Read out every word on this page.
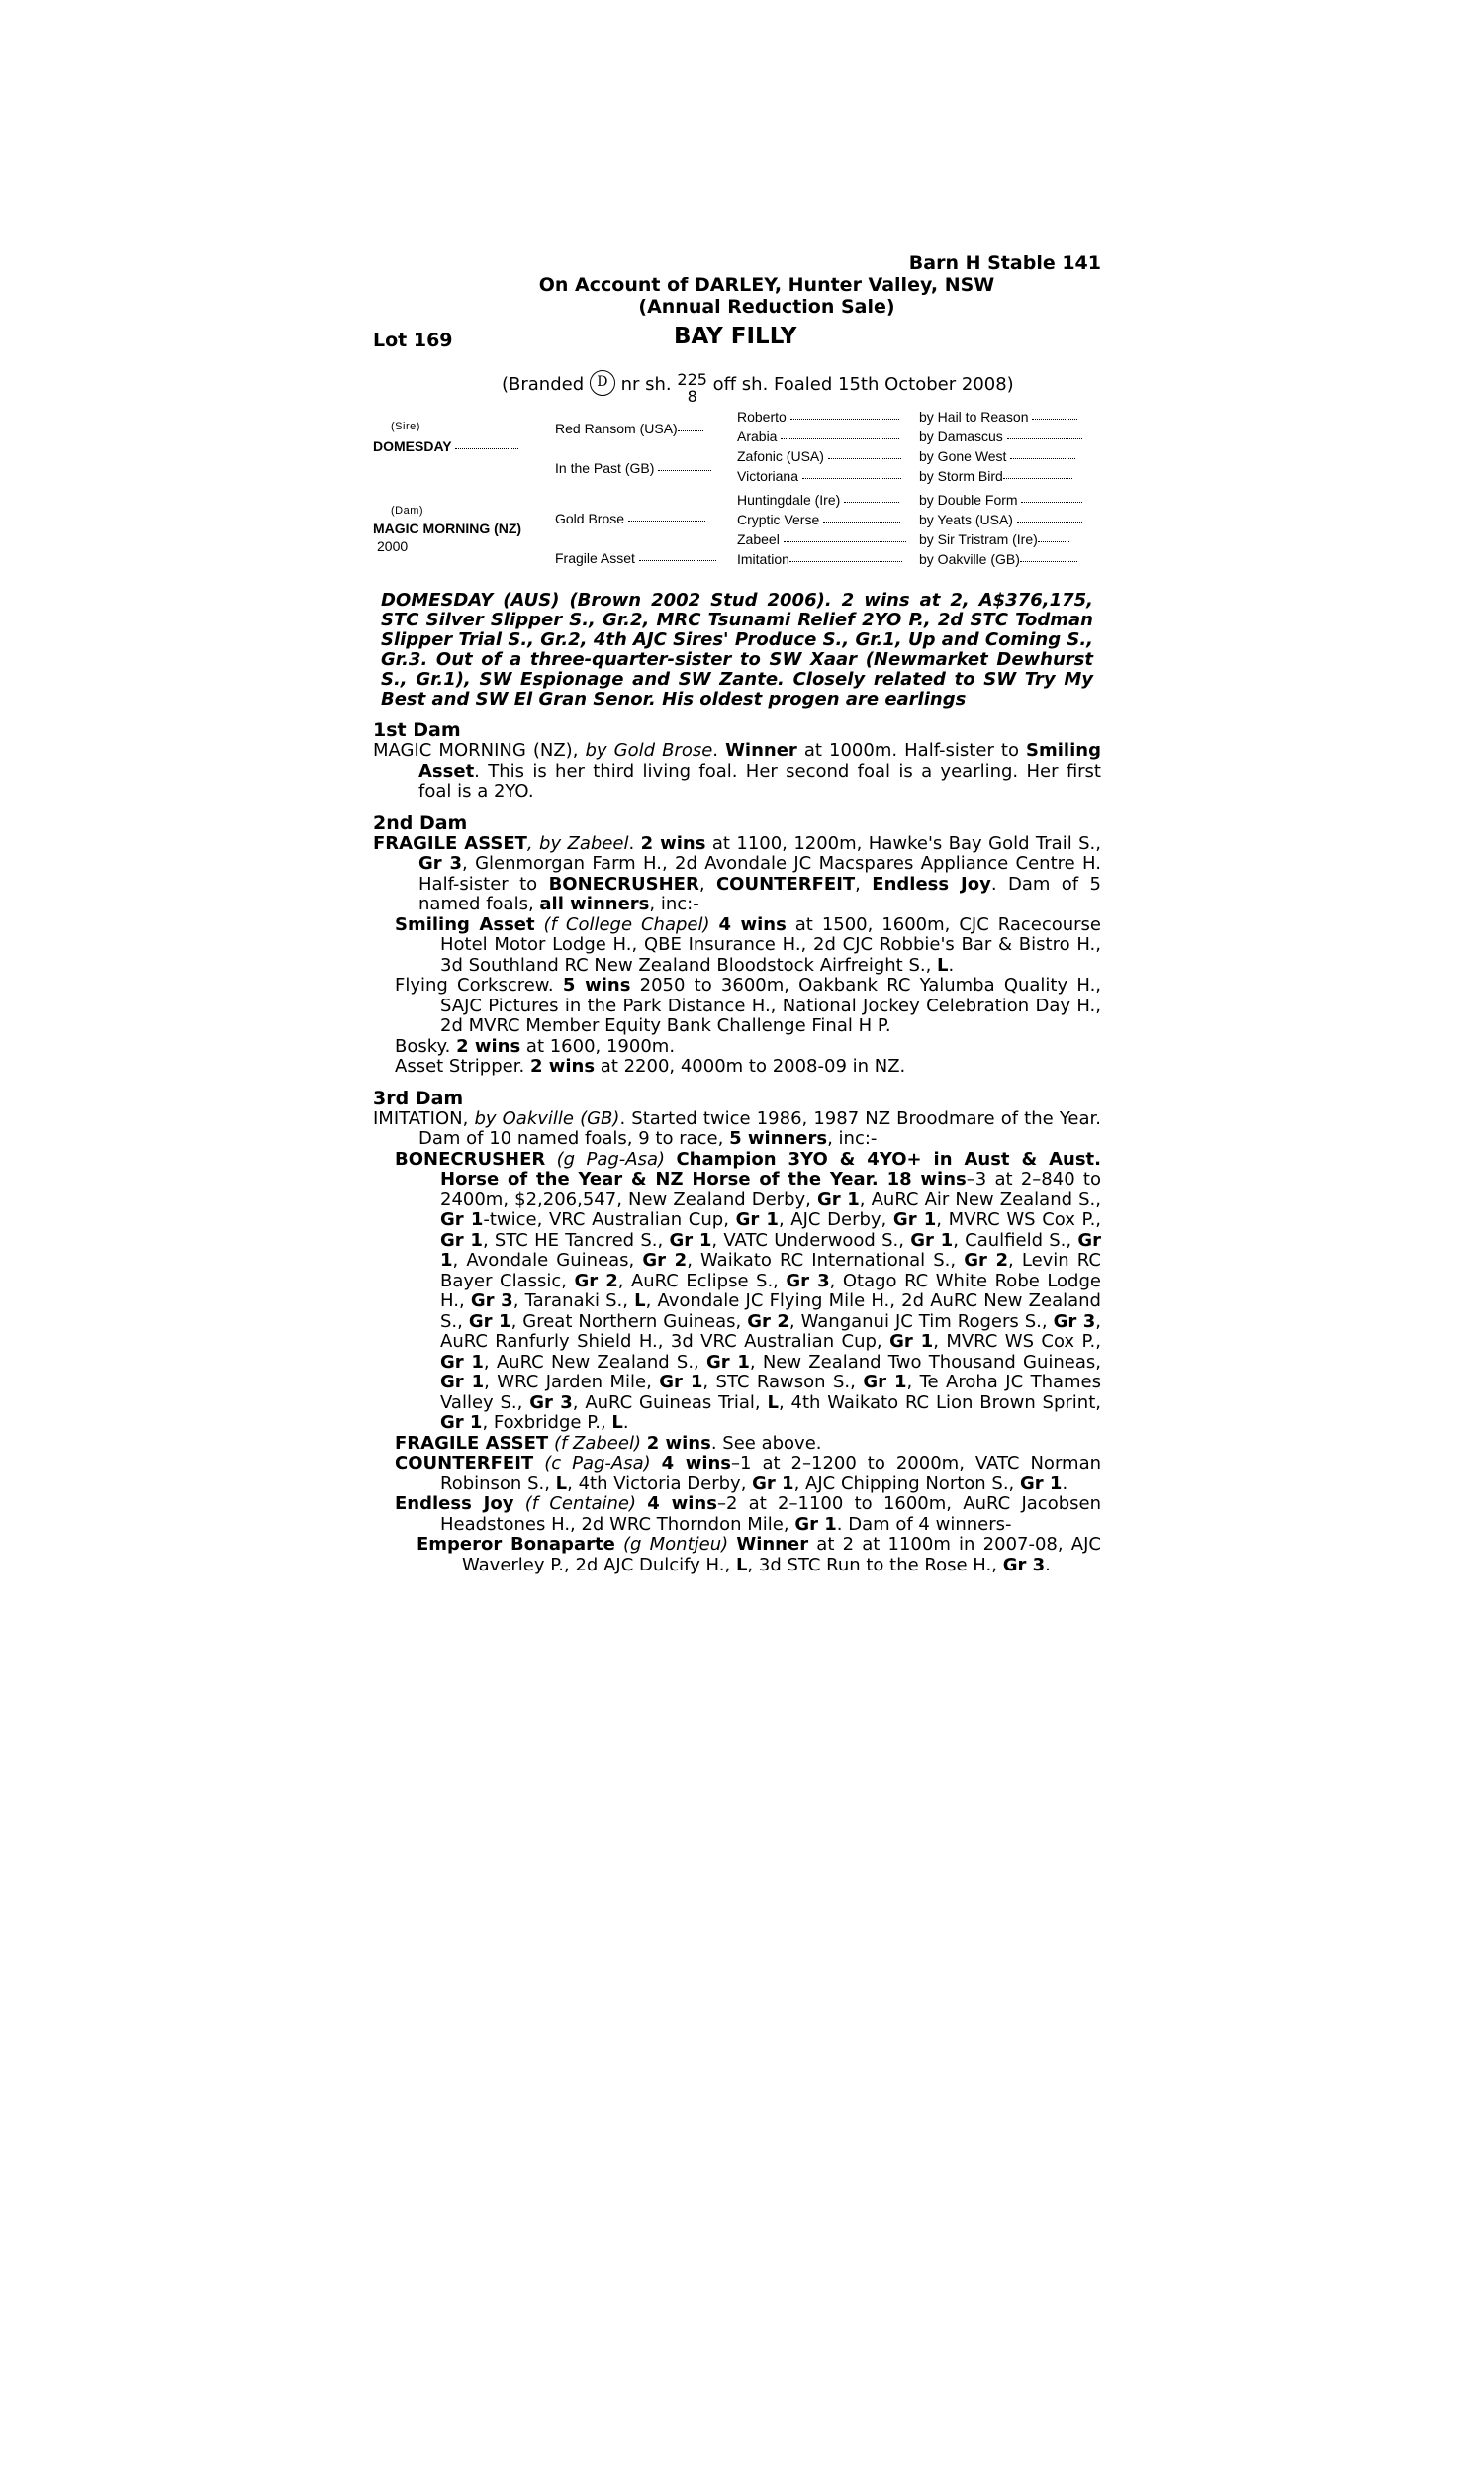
Barn H Stable 141
On Account of DARLEY, Hunter Valley, NSW
(Annual Reduction Sale)
Lot 169	BAY FILLY
(Branded D nr sh. 225
8 off sh. Foaled 15th October 2008)
(Sire)
DOMESDAY
(Dam)
MAGIC MORNING (NZ)
2000
Red Ransom (USA)
In the Past (GB)
Gold Brose
Fragile Asset
Roberto
Arabia
Zafonic (USA)
Victoriana
Huntingdale (Ire)
Cryptic Verse
Zabeel
Imitation
by Hail to Reason
by Damascus
by Gone West
by Storm Bird
by Double Form
by Yeats (USA)
by Sir Tristram (Ire)
by Oakville (GB)
DOMESDAY (AUS) (Brown 2002 Stud 2006). 2 wins at 2, A$376,175, STC Silver Slipper S., Gr.2, MRC Tsunami Relief 2YO P., 2d STC Todman Slipper Trial S., Gr.2, 4th AJC Sires' Produce S., Gr.1, Up and Coming S., Gr.3. Out of a three-quarter-sister to SW Xaar (Newmarket Dewhurst S., Gr.1), SW Espionage and SW Zante. Closely related to SW Try My Best and SW El Gran Senor. His oldest progen are earlings
1st Dam
MAGIC MORNING (NZ), by Gold Brose. Winner at 1000m. Half-sister to Smiling Asset. This is her third living foal. Her second foal is a yearling. Her first foal is a 2YO.
2nd Dam
FRAGILE ASSET, by Zabeel. 2 wins at 1100, 1200m, Hawke's Bay Gold Trail S., Gr 3, Glenmorgan Farm H., 2d Avondale JC Macspares Appliance Centre H. Half-sister to BONECRUSHER, COUNTERFEIT, Endless Joy. Dam of 5 named foals, all winners, inc:-
Smiling Asset (f College Chapel) 4 wins at 1500, 1600m, CJC Racecourse Hotel Motor Lodge H., QBE Insurance H., 2d CJC Robbie's Bar & Bistro H., 3d Southland RC New Zealand Bloodstock Airfreight S., L.
Flying Corkscrew. 5 wins 2050 to 3600m, Oakbank RC Yalumba Quality H., SAJC Pictures in the Park Distance H., National Jockey Celebration Day H., 2d MVRC Member Equity Bank Challenge Final H P.
Bosky. 2 wins at 1600, 1900m.
Asset Stripper. 2 wins at 2200, 4000m to 2008-09 in NZ.
3rd Dam
IMITATION, by Oakville (GB). Started twice 1986, 1987 NZ Broodmare of the Year. Dam of 10 named foals, 9 to race, 5 winners, inc:-
BONECRUSHER (g Pag-Asa) Champion 3YO & 4YO+ in Aust & Aust. Horse of the Year & NZ Horse of the Year. 18 wins–3 at 2–840 to 2400m, $2,206,547, New Zealand Derby, Gr 1, AuRC Air New Zealand S., Gr 1-twice, VRC Australian Cup, Gr 1, AJC Derby, Gr 1, MVRC WS Cox P., Gr 1, STC HE Tancred S., Gr 1, VATC Underwood S., Gr 1, Caulfield S., Gr 1, Avondale Guineas, Gr 2, Waikato RC International S., Gr 2, Levin RC Bayer Classic, Gr 2, AuRC Eclipse S., Gr 3, Otago RC White Robe Lodge H., Gr 3, Taranaki S., L, Avondale JC Flying Mile H., 2d AuRC New Zealand S., Gr 1, Great Northern Guineas, Gr 2, Wanganui JC Tim Rogers S., Gr 3, AuRC Ranfurly Shield H., 3d VRC Australian Cup, Gr 1, MVRC WS Cox P., Gr 1, AuRC New Zealand S., Gr 1, New Zealand Two Thousand Guineas, Gr 1, WRC Jarden Mile, Gr 1, STC Rawson S., Gr 1, Te Aroha JC Thames Valley S., Gr 3, AuRC Guineas Trial, L, 4th Waikato RC Lion Brown Sprint, Gr 1, Foxbridge P., L.
FRAGILE ASSET (f Zabeel) 2 wins. See above.
COUNTERFEIT (c Pag-Asa) 4 wins–1 at 2–1200 to 2000m, VATC Norman Robinson S., L, 4th Victoria Derby, Gr 1, AJC Chipping Norton S., Gr 1.
Endless Joy (f Centaine) 4 wins–2 at 2–1100 to 1600m, AuRC Jacobsen Headstones H., 2d WRC Thorndon Mile, Gr 1. Dam of 4 winners-
Emperor Bonaparte (g Montjeu) Winner at 2 at 1100m in 2007-08, AJC Waverley P., 2d AJC Dulcify H., L, 3d STC Run to the Rose H., Gr 3.
